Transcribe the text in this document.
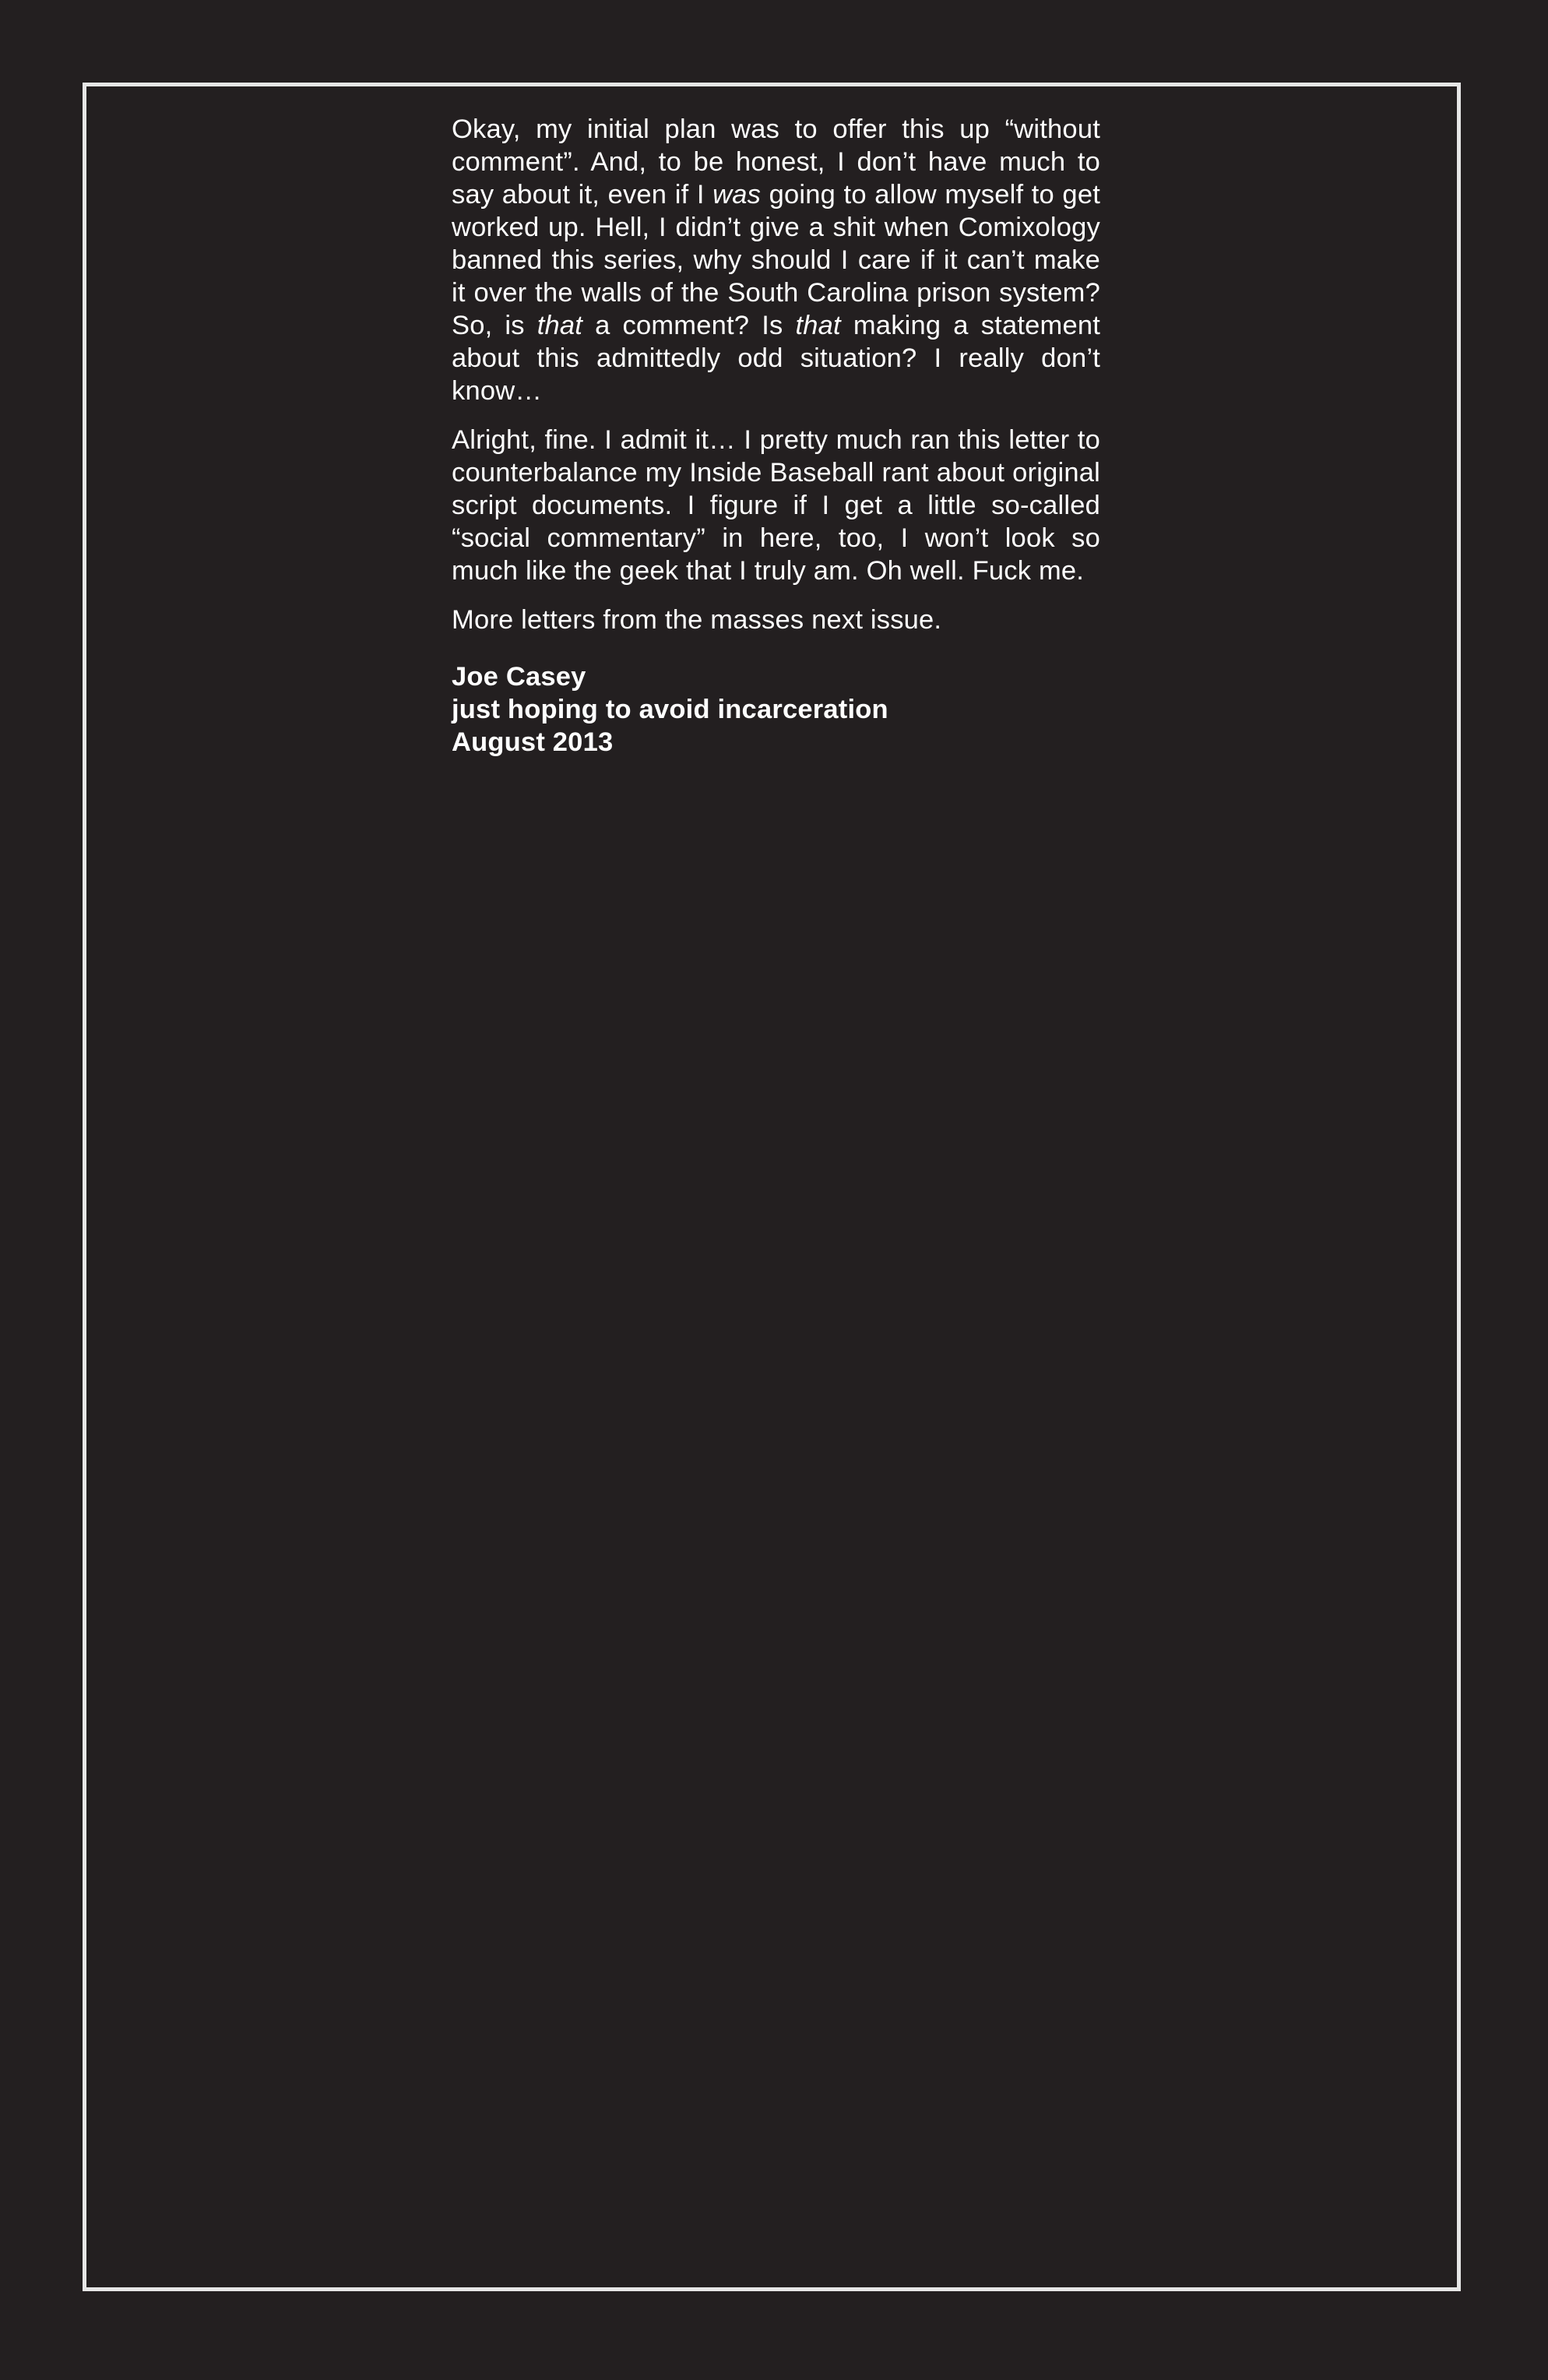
Okay, my initial plan was to offer this up “without comment”. And, to be honest, I don’t have much to say about it, even if I was going to allow myself to get worked up. Hell, I didn’t give a shit when Comixology banned this series, why should I care if it can’t make it over the walls of the South Carolina prison system? So, is that a comment? Is that making a statement about this admittedly odd situation? I really don’t know…

Alright, fine. I admit it… I pretty much ran this letter to counterbalance my Inside Baseball rant about original script documents. I figure if I get a little so-called “social commentary” in here, too, I won’t look so much like the geek that I truly am. Oh well. Fuck me.

More letters from the masses next issue.

Joe Casey
just hoping to avoid incarceration
August 2013
